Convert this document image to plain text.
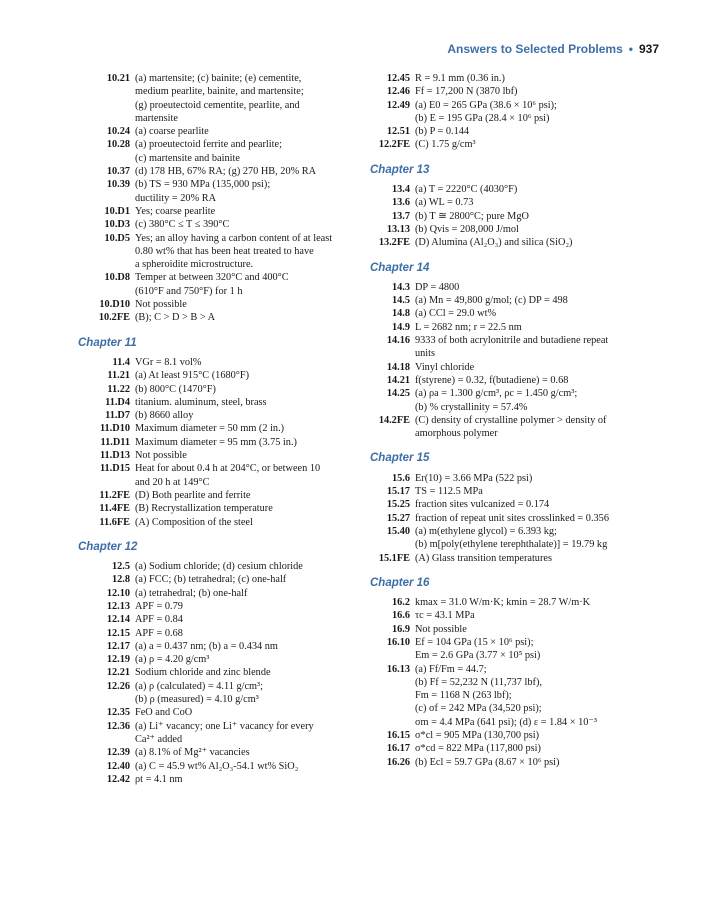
Answers to Selected Problems • 937
10.21 (a) martensite; (c) bainite; (e) cementite,
medium pearlite, bainite, and martensite;
(g) proeutectoid cementite, pearlite, and
martensite
10.24 (a) coarse pearlite
10.28 (a) proeutectoid ferrite and pearlite;
(c) martensite and bainite
10.37 (d) 178 HB, 67% RA; (g) 270 HB, 20% RA
10.39 (b) TS = 930 MPa (135,000 psi);
ductility = 20% RA
10.D1 Yes; coarse pearlite
10.D3 (c) 380°C ≤ T ≤ 390°C
10.D5 Yes; an alloy having a carbon content of at least
0.80 wt% that has been heat treated to have
a spheroidite microstructure.
10.D8 Temper at between 320°C and 400°C
(610°F and 750°F) for 1 h
10.D10 Not possible
10.2FE (B); C > D > B > A
Chapter 11
11.4 VGr = 8.1 vol%
11.21 (a) At least 915°C (1680°F)
11.22 (b) 800°C (1470°F)
11.D4 titanium. aluminum, steel, brass
11.D7 (b) 8660 alloy
11.D10 Maximum diameter = 50 mm (2 in.)
11.D11 Maximum diameter = 95 mm (3.75 in.)
11.D13 Not possible
11.D15 Heat for about 0.4 h at 204°C, or between 10
and 20 h at 149°C
11.2FE (D) Both pearlite and ferrite
11.4FE (B) Recrystallization temperature
11.6FE (A) Composition of the steel
Chapter 12
12.5 (a) Sodium chloride; (d) cesium chloride
12.8 (a) FCC; (b) tetrahedral; (c) one-half
12.10 (a) tetrahedral; (b) one-half
12.13 APF = 0.79
12.14 APF = 0.84
12.15 APF = 0.68
12.17 (a) a = 0.437 nm; (b) a = 0.434 nm
12.19 (a) ρ = 4.20 g/cm³
12.21 Sodium chloride and zinc blende
12.26 (a) ρ (calculated) = 4.11 g/cm³;
(b) ρ (measured) = 4.10 g/cm³
12.35 FeO and CoO
12.36 (a) Li⁺ vacancy; one Li⁺ vacancy for every
Ca²⁺ added
12.39 (a) 8.1% of Mg²⁺ vacancies
12.40 (a) C = 45.9 wt% Al₂O₃-54.1 wt% SiO₂
12.42 ρt = 4.1 nm
12.45 R = 9.1 mm (0.36 in.)
12.46 Ff = 17,200 N (3870 lbf)
12.49 (a) E0 = 265 GPa (38.6 × 10⁶ psi);
(b) E = 195 GPa (28.4 × 10⁶ psi)
12.51 (b) P = 0.144
12.2FE (C) 1.75 g/cm³
Chapter 13
13.4 (a) T = 2220°C (4030°F)
13.6 (a) WL = 0.73
13.7 (b) T ≅ 2800°C; pure MgO
13.13 (b) Qvis = 208,000 J/mol
13.2FE (D) Alumina (Al₂O₃) and silica (SiO₂)
Chapter 14
14.3 DP = 4800
14.5 (a) Mn = 49,800 g/mol; (c) DP = 498
14.8 (a) CCl = 29.0 wt%
14.9 L = 2682 nm; r = 22.5 nm
14.16 9333 of both acrylonitrile and butadiene repeat
units
14.18 Vinyl chloride
14.21 f(styrene) = 0.32, f(butadiene) = 0.68
14.25 (a) ρa = 1.300 g/cm³, ρc = 1.450 g/cm³;
(b) % crystallinity = 57.4%
14.2FE (C) density of crystalline polymer > density of
amorphous polymer
Chapter 15
15.6 Er(10) = 3.66 MPa (522 psi)
15.17 TS = 112.5 MPa
15.25 fraction sites vulcanized = 0.174
15.27 fraction of repeat unit sites crosslinked = 0.356
15.40 (a) m(ethylene glycol) = 6.393 kg;
(b) m[poly(ethylene terephthalate)] = 19.79 kg
15.1FE (A) Glass transition temperatures
Chapter 16
16.2 kmax = 31.0 W/m·K; kmin = 28.7 W/m·K
16.6 τc = 43.1 MPa
16.9 Not possible
16.10 Ef = 104 GPa (15 × 10⁶ psi);
Em = 2.6 GPa (3.77 × 10⁵ psi)
16.13 (a) Ff/Fm = 44.7;
(b) Ff = 52,232 N (11,737 lbf),
Fm = 1168 N (263 lbf);
(c) σf = 242 MPa (34,520 psi);
σm = 4.4 MPa (641 psi); (d) ε = 1.84 × 10⁻³
16.15 σ*cl = 905 MPa (130,700 psi)
16.17 σ*cd = 822 MPa (117,800 psi)
16.26 (b) Ecl = 59.7 GPa (8.67 × 10⁶ psi)
